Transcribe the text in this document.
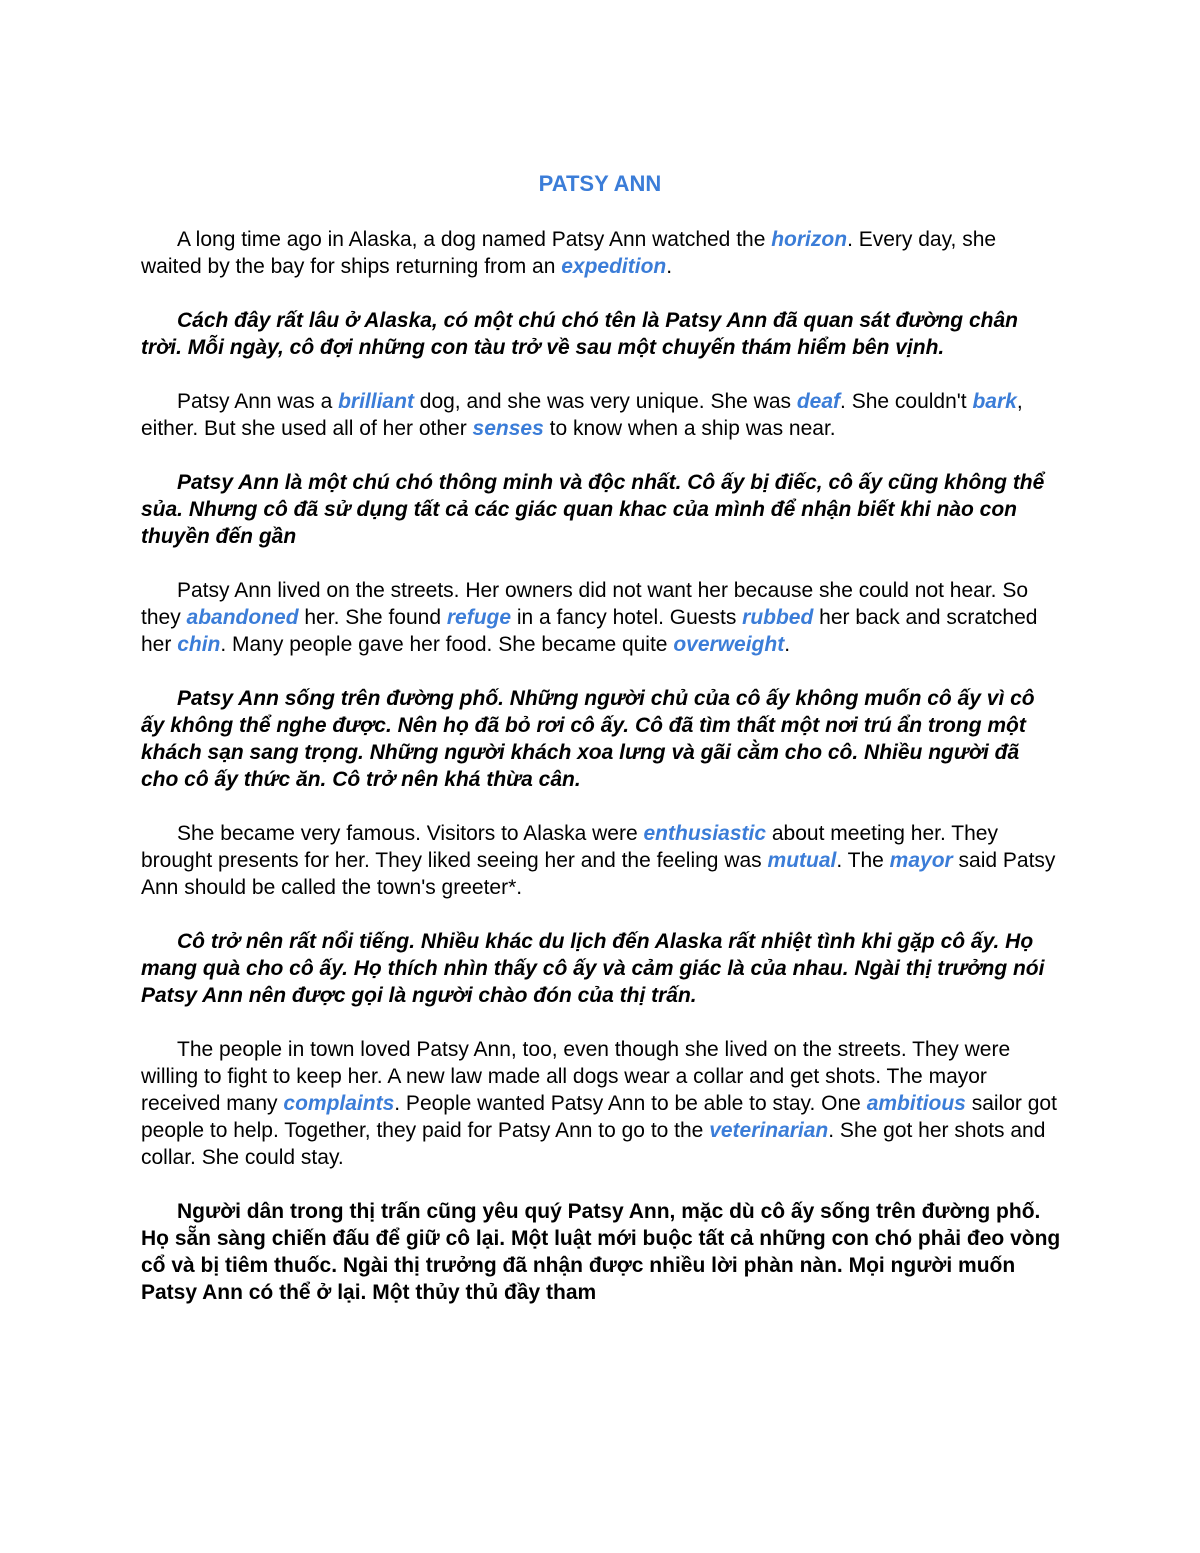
PATSY ANN

A long time ago in Alaska, a dog named Patsy Ann watched the horizon. Every day, she waited by the bay for ships returning from an expedition.

Cách đây rất lâu ở Alaska, có một chú chó tên là Patsy Ann đã quan sát đường chân trời. Mỗi ngày, cô đợi những con tàu trở về sau một chuyến thám hiểm bên vịnh.

Patsy Ann was a brilliant dog, and she was very unique. She was deaf. She couldn't bark, either. But she used all of her other senses to know when a ship was near.

Patsy Ann là một chú chó thông minh và độc nhất. Cô ấy bị điếc, cô ấy cũng không thể sủa. Nhưng cô đã sử dụng tất cả các giác quan khac của mình để nhận biết khi nào con thuyền đến gần

Patsy Ann lived on the streets. Her owners did not want her because she could not hear. So they abandoned her. She found refuge in a fancy hotel. Guests rubbed her back and scratched her chin. Many people gave her food. She became quite overweight.

Patsy Ann sống trên đường phố. Những người chủ của cô ấy không muốn cô ấy vì cô ấy không thể nghe được. Nên họ đã bỏ rơi cô ấy. Cô đã tìm thất một nơi trú ẩn trong một khách sạn sang trọng. Những người khách xoa lưng và gãi cằm cho cô. Nhiều người đã cho cô ấy thức ăn. Cô trở nên khá thừa cân.

She became very famous. Visitors to Alaska were enthusiastic about meeting her. They brought presents for her. They liked seeing her and the feeling was mutual. The mayor said Patsy Ann should be called the town's greeter*.

Cô trở nên rất nổi tiếng. Nhiều khác du lịch đến Alaska rất nhiệt tình khi gặp cô ấy. Họ mang quà cho cô ấy. Họ thích nhìn thấy cô ấy và cảm giác là của nhau. Ngài thị trưởng nói Patsy Ann nên được gọi là người chào đón của thị trấn.

The people in town loved Patsy Ann, too, even though she lived on the streets. They were willing to fight to keep her. A new law made all dogs wear a collar and get shots. The mayor received many complaints. People wanted Patsy Ann to be able to stay. One ambitious sailor got people to help. Together, they paid for Patsy Ann to go to the veterinarian. She got her shots and collar. She could stay.

Người dân trong thị trấn cũng yêu quý Patsy Ann, mặc dù cô ấy sống trên đường phố. Họ sẵn sàng chiến đấu để giữ cô lại. Một luật mới buộc tất cả những con chó phải đeo vòng cổ và bị tiêm thuốc. Ngài thị trưởng đã nhận được nhiều lời phàn nàn. Mọi người muốn Patsy Ann có thể ở lại. Một thủy thủ đầy tham
